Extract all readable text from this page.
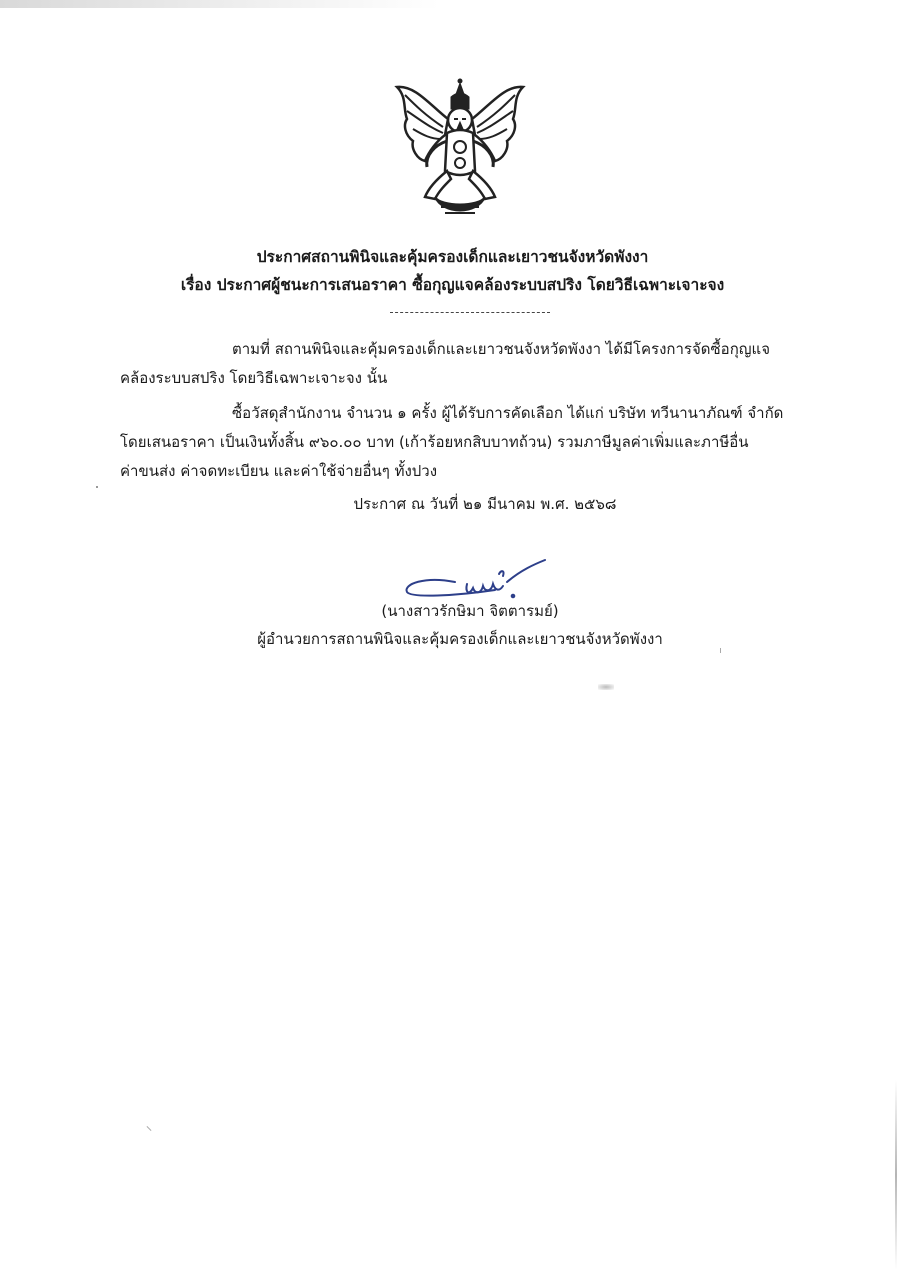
ประกาศสถานพินิจและคุ้มครองเด็กและเยาวชนจังหวัดพังงา
เรื่อง ประกาศผู้ชนะการเสนอราคา ซื้อกุญแจคล้องระบบสปริง โดยวิธีเฉพาะเจาะจง
ตามที่ สถานพินิจและคุ้มครองเด็กและเยาวชนจังหวัดพังงา ได้มีโครงการจัดซื้อกุญแจ
คล้องระบบสปริง โดยวิธีเฉพาะเจาะจง นั้น
ซื้อวัสดุสำนักงาน จำนวน ๑ ครั้ง ผู้ได้รับการคัดเลือก ได้แก่ บริษัท ทวีนานาภัณฑ์ จำกัด
โดยเสนอราคา เป็นเงินทั้งสิ้น ๙๖๐.๐๐ บาท (เก้าร้อยหกสิบบาทถ้วน) รวมภาษีมูลค่าเพิ่มและภาษีอื่น
ค่าขนส่ง ค่าจดทะเบียน และค่าใช้จ่ายอื่นๆ ทั้งปวง
ประกาศ ณ วันที่ ๒๑ มีนาคม พ.ศ. ๒๕๖๘
(นางสาวรักษิมา จิตตารมย์)
ผู้อำนวยการสถานพินิจและคุ้มครองเด็กและเยาวชนจังหวัดพังงา
